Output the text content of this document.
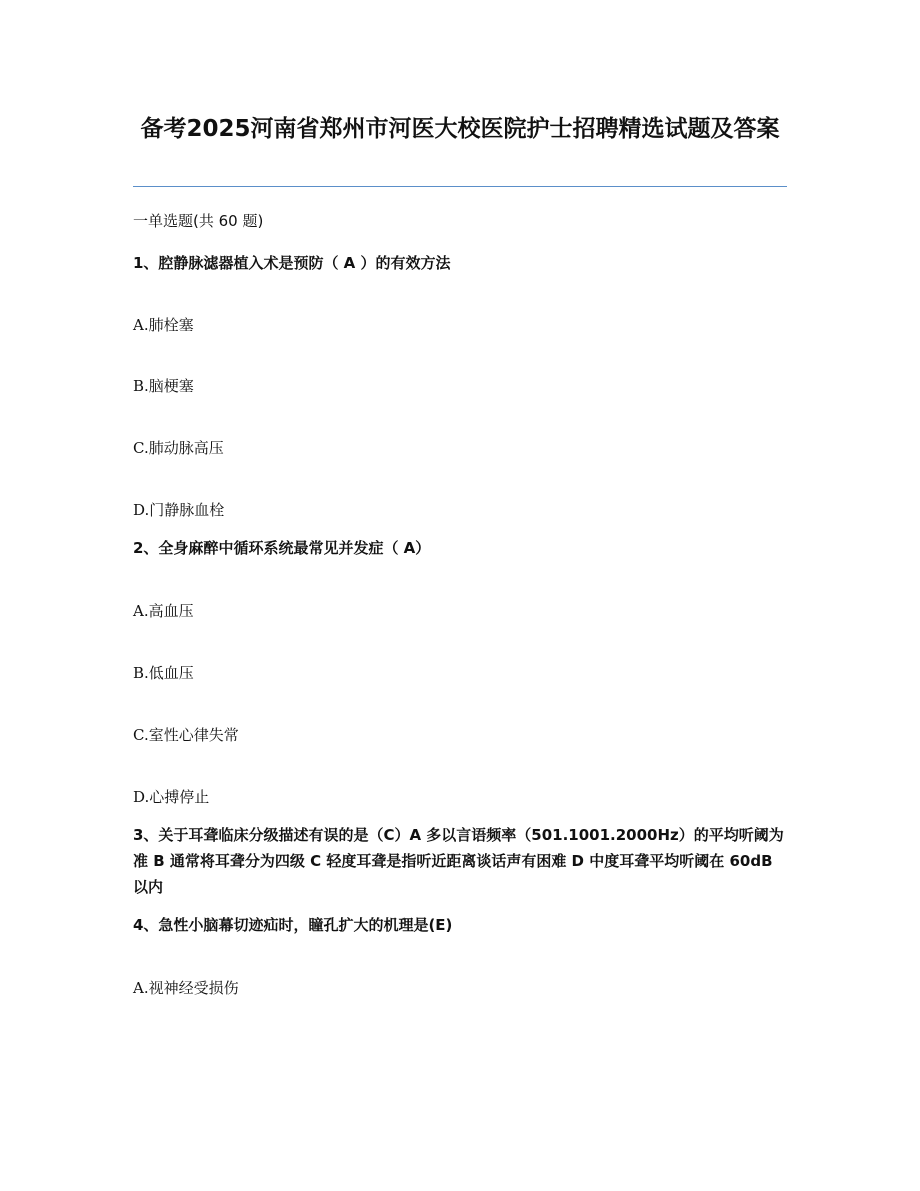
备考2025河南省郑州市河医大校医院护士招聘精选试题及答案
一单选题(共 60 题)
1、腔静脉滤器植入术是预防（ A ）的有效方法
A.肺栓塞
B.脑梗塞
C.肺动脉高压
D.门静脉血栓
2、全身麻醉中循环系统最常见并发症（ A）
A.高血压
B.低血压
C.室性心律失常
D.心搏停止
3、关于耳聋临床分级描述有误的是（C）A 多以言语频率（501.1001.2000Hz）的平均听阈为准 B 通常将耳聋分为四级 C 轻度耳聋是指听近距离谈话声有困难 D 中度耳聋平均听阈在 60dB 以内
4、急性小脑幕切迹疝时，瞳孔扩大的机理是(E)
A.视神经受损伤
